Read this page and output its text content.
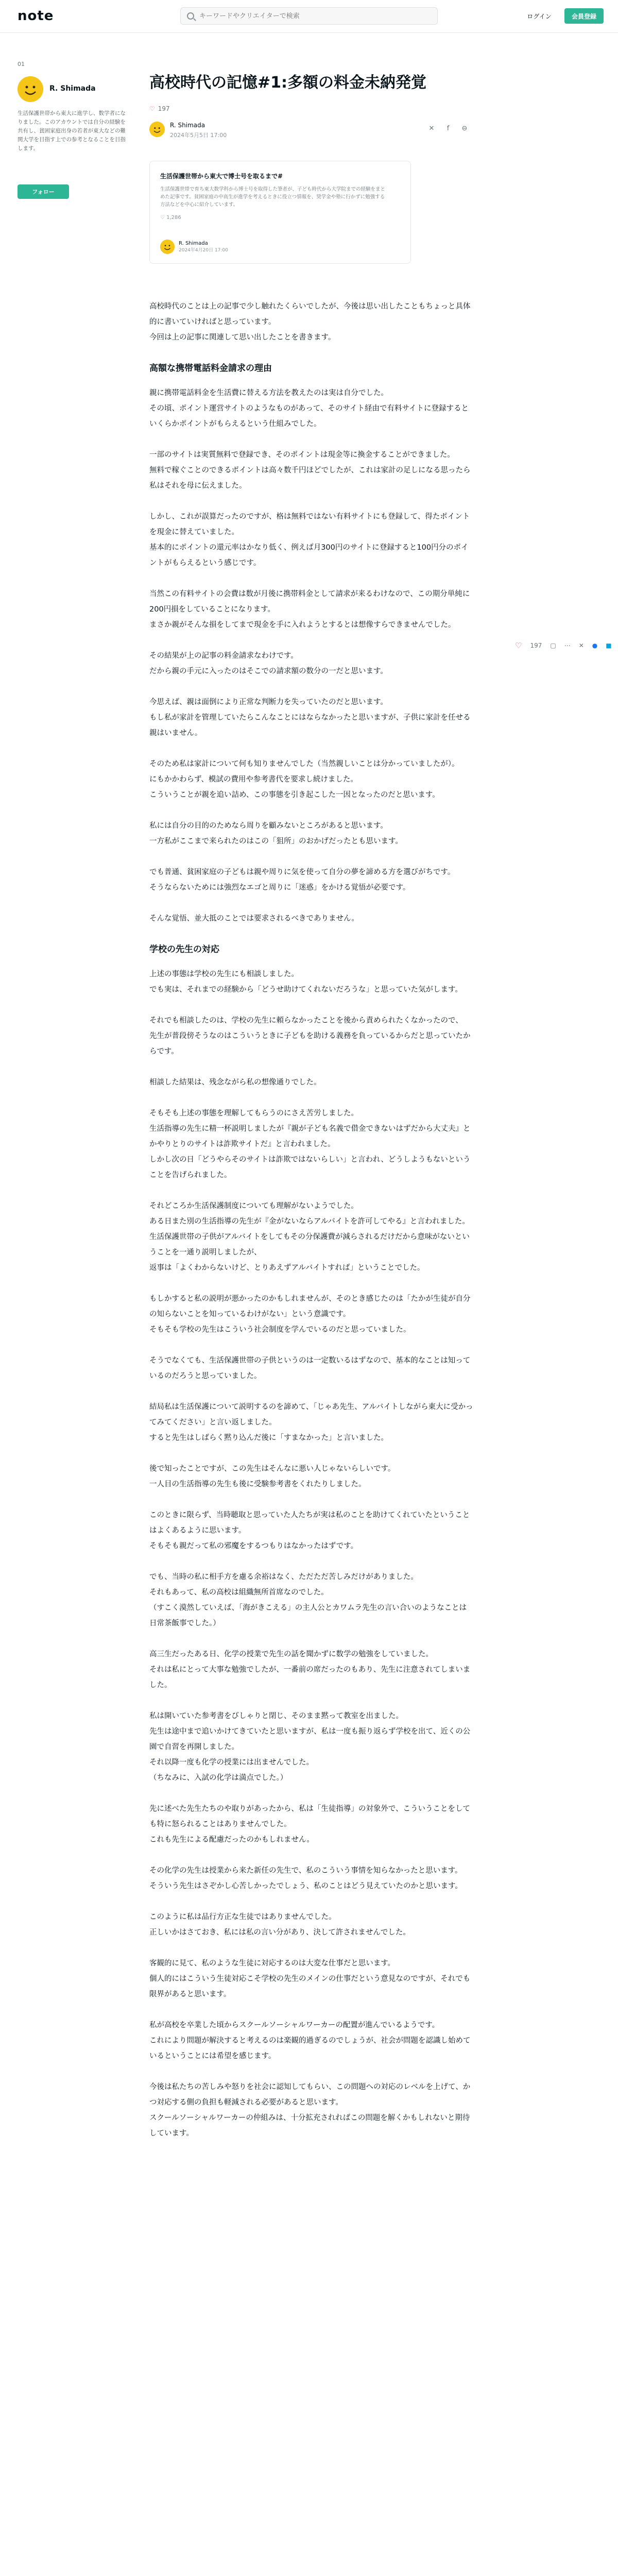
note
キーワードやクリエイターで検索	ログイン	会員登録
01
R. Shimada
生活保護世帯から東大に進学し、数学者になりました。このアカウントでは自分の経験を共有し、貧困家庭出身の若者が東大などの難関大学を目指す上での参考となることを目指します。
フォロー
高校時代の記憶#1:多額の料金未納発覚
♡ 197
R. Shimada
2024年5月5日 17:00
✕	f	⊖
生活保護世帯から東大で博士号を取るまで#
生活保護世帯で育ち東大数学科から博士号を取得した筆者が、子ども時代から大学院までの経験をまとめた記事です。貧困家庭の中高生が進学を考えるときに役立つ情報を、奨学金や塾に行かずに勉強する方法などを中心に紹介しています。
♡ 1,286
R. Shimada
2024年4月20日 17:00
♡ 197 ▢ ⋯ ✕ ● ■

高校時代のことは上の記事で少し触れたくらいでしたが、今後は思い出したこともちょっと具体的に書いていければと思っています。
今回は上の記事に関連して思い出したことを書きます。

高額な携帯電話料金請求の理由

親に携帯電話料金を生活費に替える方法を教えたのは実は自分でした。
その頃、ポイント運営サイトのようなものがあって、そのサイト経由で有料サイトに登録するといくらかポイントがもらえるという仕組みでした。

一部のサイトは実質無料で登録でき、そのポイントは現金等に換金することができました。
無料で稼ぐことのできるポイントは高々数千円ほどでしたが、これは家計の足しになる思ったら私はそれを母に伝えました。

しかし、これが誤算だったのですが、格は無料ではない有料サイトにも登録して、得たポイントを現金に替えていました。
基本的にポイントの還元率はかなり低く、例えば月300円のサイトに登録すると100円分のポイントがもらえるという感じです。

当然この有料サイトの会費は数が月後に携帯料金として請求が来るわけなので、この期分単純に200円損をしていることになります。
まさか親がそんな損をしてまで現金を手に入れようとするとは想像すらできませんでした。

その結果が上の記事の料金請求なわけです。
だから親の手元に入ったのはそこでの請求額の数分の一だと思います。

今思えば、親は面倒により正常な判断力を失っていたのだと思います。
もし私が家計を管理していたらこんなことにはならなかったと思いますが、子供に家計を任せる親はいません。

そのため私は家計について何も知りませんでした（当然親しいことは分かっていましたが）。
にもかかわらず、模試の費用や参考書代を要求し続けました。
こういうことが親を追い詰め、この事態を引き起こした一因となったのだと思います。

私には自分の目的のためなら周りを顧みないところがあると思います。
一方私がここまで来られたのはこの「狙所」のおかげだったとも思います。

でも普通、貧困家庭の子どもは親や周りに気を使って自分の夢を諦める方を選びがちです。
そうならないためには強烈なエゴと周りに「迷惑」をかける覚悟が必要です。

そんな覚悟、並大抵のことでは要求されるべきでありません。

学校の先生の対応

上述の事態は学校の先生にも相談しました。
でも実は、それまでの経験から「どうせ助けてくれないだろうな」と思っていた気がします。

それでも相談したのは、学校の先生に頼らなかったことを後から責められたくなかったので、
先生が普段傍そうなのはこういうときに子どもを助ける義務を負っているからだと思っていたからです。

相談した結果は、残念ながら私の想像通りでした。

そもそも上述の事態を理解してもらうのにさえ苦労しました。
生活指導の先生に精一杯説明しましたが『親が子ども名義で借金できないはずだから大丈夫』とかやりとりのサイトは詐欺サイトだ』と言われました。
しかし次の日「どうやらそのサイトは詐欺ではないらしい」と言われ、どうしようもないということを告げられました。

それどころか生活保護制度についても理解がないようでした。
ある日また別の生活指導の先生が『金がないならアルバイトを許可してやる』と言われました。
生活保護世帯の子供がアルバイトをしてもその分保護費が減らされるだけだから意味がないということを一通り説明しましたが、
返事は「よくわからないけど、とりあえずアルバイトすれば」ということでした。

もしかすると私の説明が悪かったのかもしれませんが、そのとき感じたのは「たかが生徒が自分の知らないことを知っているわけがない」という意識です。
そもそも学校の先生はこういう社会制度を学んでいるのだと思っていました。

そうでなくても、生活保護世帯の子供というのは一定数いるはずなので、基本的なことは知っているのだろうと思っていました。

結局私は生活保護について説明するのを諦めて、「じゃあ先生、アルバイトしながら東大に受かってみてください」と言い返しました。
すると先生はしばらく黙り込んだ後に「すまなかった」と言いました。

後で知ったことですが、この先生はそんなに悪い人じゃないらしいです。
一人目の生活指導の先生も後に受験参考書をくれたりしました。

このときに限らず、当時聴取と思っていた人たちが実は私のことを助けてくれていたということはよくあるように思います。
そもそも親だって私の邪魔をするつもりはなかったはずです。

でも、当時の私に相手方を慮る余裕はなく、ただただ苦しみだけがありました。
それもあって、私の高校は組織無所首席なのでした。
（すこく漠然していえば、「海がきこえる」の主人公とカワムラ先生の言い合いのようなことは日常茶飯事でした。）

高三生だったある日、化学の授業で先生の話を聞かずに数学の勉強をしていました。
それは私にとって大事な勉強でしたが、一番前の席だったのもあり、先生に注意されてしまいました。

私は開いていた参考書をびしゃりと閉じ、そのまま黙って教室を出ました。
先生は途中まで追いかけてきていたと思いますが、私は一度も振り返らず学校を出て、近くの公園で自習を再開しました。
それ以降一度も化学の授業には出ませんでした。
（ちなみに、入試の化学は満点でした。）

先に述べた先生たちのや取りがあったから、私は「生徒指導」の対象外で、こういうことをしても特に怒られることはありませんでした。
これも先生による配慮だったのかもしれません。

その化学の先生は授業から来た新任の先生で、私のこういう事情を知らなかったと思います。
そういう先生はさぞかし心苦しかったでしょう、私のことはどう見えていたのかと思います。

このように私は品行方正な生徒ではありませんでした。
正しいかはさておき、私には私の言い分があり、決して許されませんでした。

客観的に見て、私のような生徒に対応するのは大変な仕事だと思います。
個人的にはこういう生徒対応こそ学校の先生のメインの仕事だという意見なのですが、それでも限界があると思います。

私が高校を卒業した頃からスクールソーシャルワーカーの配置が進んでいるようです。
これにより問題が解決すると考えるのは楽観的過ぎるのでしょうが、社会が問題を認識し始めているということには希望を感じます。

今後は私たちの苦しみや怒りを社会に認知してもらい、この問題への対応のレベルを上げて、かつ対応する側の負担も軽減される必要があると思います。
スクールソーシャルワーカーの仲組みは、十分拡充されればこの問題を解くかもしれないと期待しています。
